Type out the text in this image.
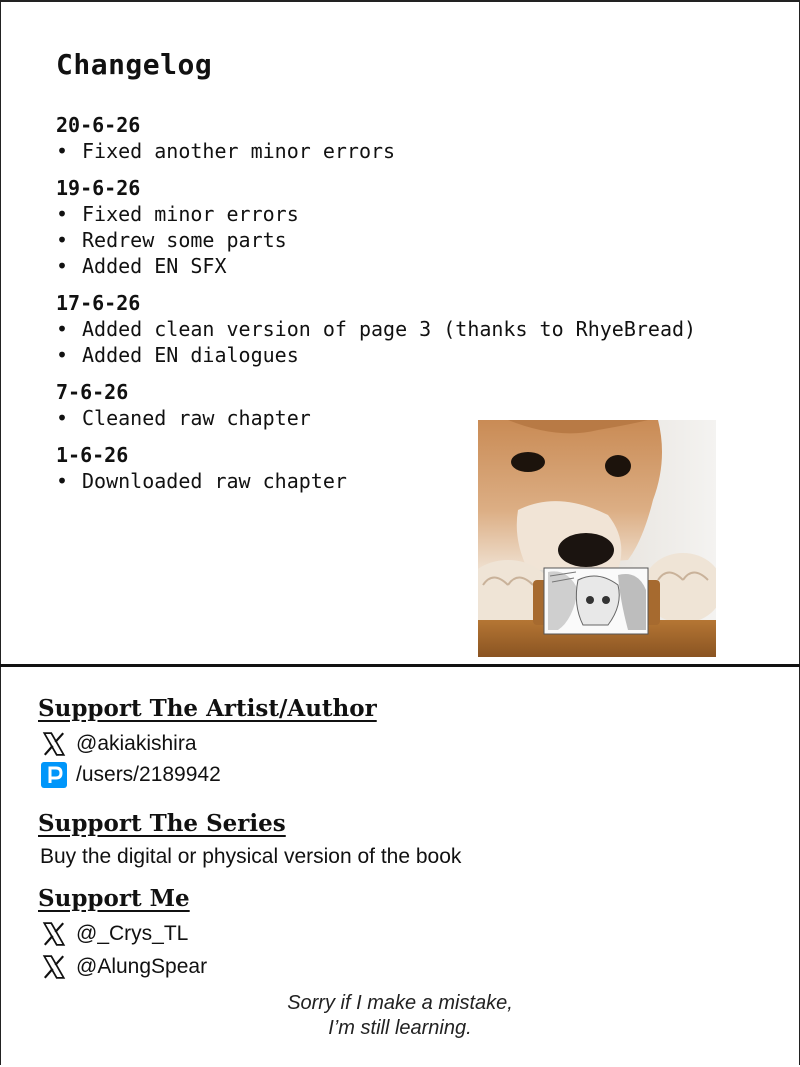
Changelog
20-6-26
• Fixed another minor errors
19-6-26
• Fixed minor errors
• Redrew some parts
• Added EN SFX
17-6-26
• Added clean version of page 3 (thanks to RhyeBread)
• Added EN dialogues
7-6-26
• Cleaned raw chapter
1-6-26
• Downloaded raw chapter
Support The Artist/Author
@akiakishira
/users/2189942
Support The Series
Buy the digital or physical version of the book
Support Me
@_Crys_TL
@AlungSpear
Sorry if I make a mistake,
I’m still learning.
